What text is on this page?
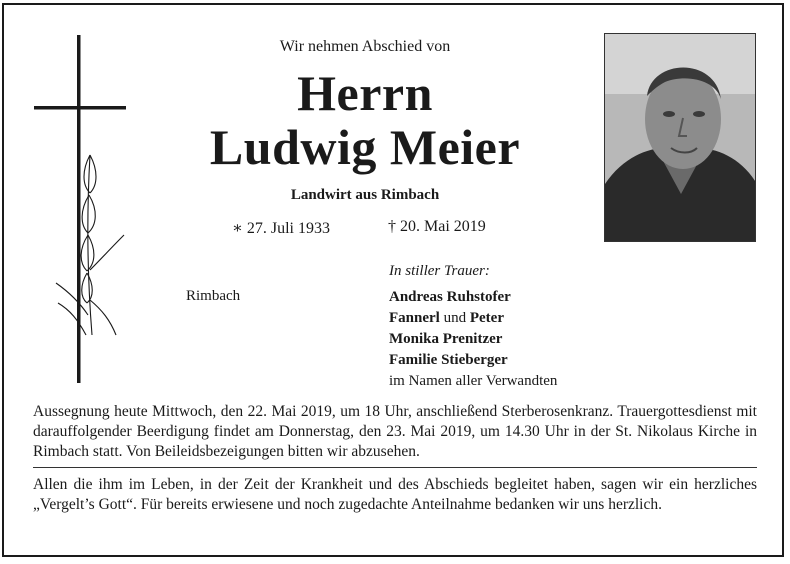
Wir nehmen Abschied von
Herrn
Ludwig Meier
Landwirt aus Rimbach
∗ 27. Juli 1933	† 20. Mai 2019
Rimbach
In stiller Trauer:
Andreas Ruhstofer
Fannerl und Peter
Monika Prenitzer
Familie Stieberger
im Namen aller Verwandten
Aussegnung heute Mittwoch, den 22. Mai 2019, um 18 Uhr, anschließend Sterberosenkranz. Trauergottesdienst mit darauffolgender Beerdigung findet am Donnerstag, den 23. Mai 2019, um 14.30 Uhr in der St. Nikolaus Kirche in Rimbach statt. Von Beileidsbezeigungen bitten wir abzusehen.
Allen die ihm im Leben, in der Zeit der Krankheit und des Abschieds begleitet haben, sagen wir ein herzliches „Vergelt’s Gott“. Für bereits erwiesene und noch zugedachte Anteilnahme bedanken wir uns herzlich.
